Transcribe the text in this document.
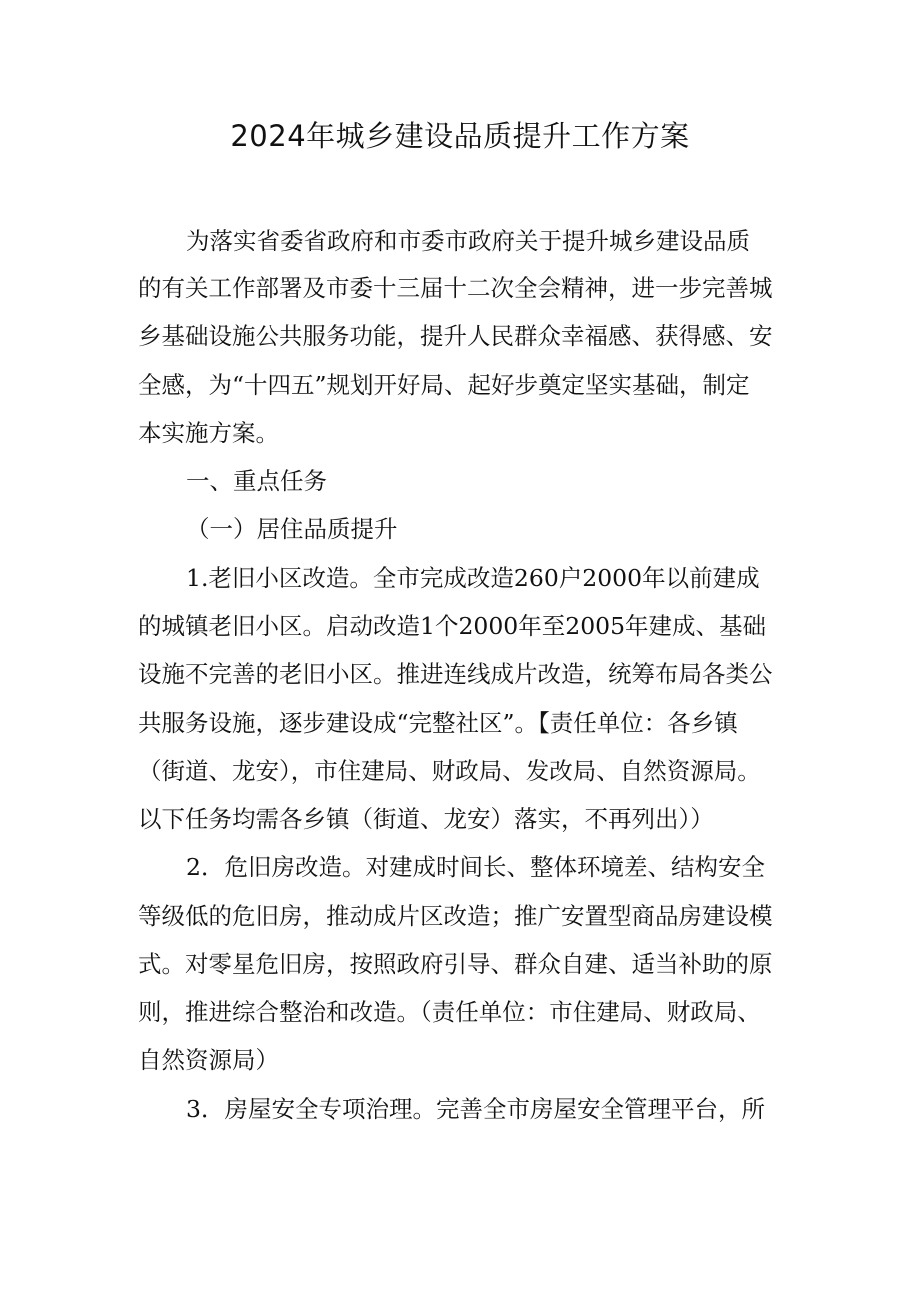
2024年城乡建设品质提升工作方案
为落实省委省政府和市委市政府关于提升城乡建设品质
的有关工作部署及市委十三届十二次全会精神，进一步完善城
乡基础设施公共服务功能，提升人民群众幸福感、获得感、安
全感，为“十四五”规划开好局、起好步奠定坚实基础，制定
本实施方案。
一、重点任务
（一）居住品质提升
1.老旧小区改造。全市完成改造260户2000年以前建成
的城镇老旧小区。启动改造1个2000年至2005年建成、基础
设施不完善的老旧小区。推进连线成片改造，统筹布局各类公
共服务设施，逐步建设成“完整社区”。【责任单位：各乡镇
（街道、龙安），市住建局、财政局、发改局、自然资源局。
以下任务均需各乡镇（街道、龙安）落实，不再列出））
2．危旧房改造。对建成时间长、整体环境差、结构安全
等级低的危旧房，推动成片区改造；推广安置型商品房建设模
式。对零星危旧房，按照政府引导、群众自建、适当补助的原
则，推进综合整治和改造。（责任单位：市住建局、财政局、
自然资源局）
3．房屋安全专项治理。完善全市房屋安全管理平台，所
